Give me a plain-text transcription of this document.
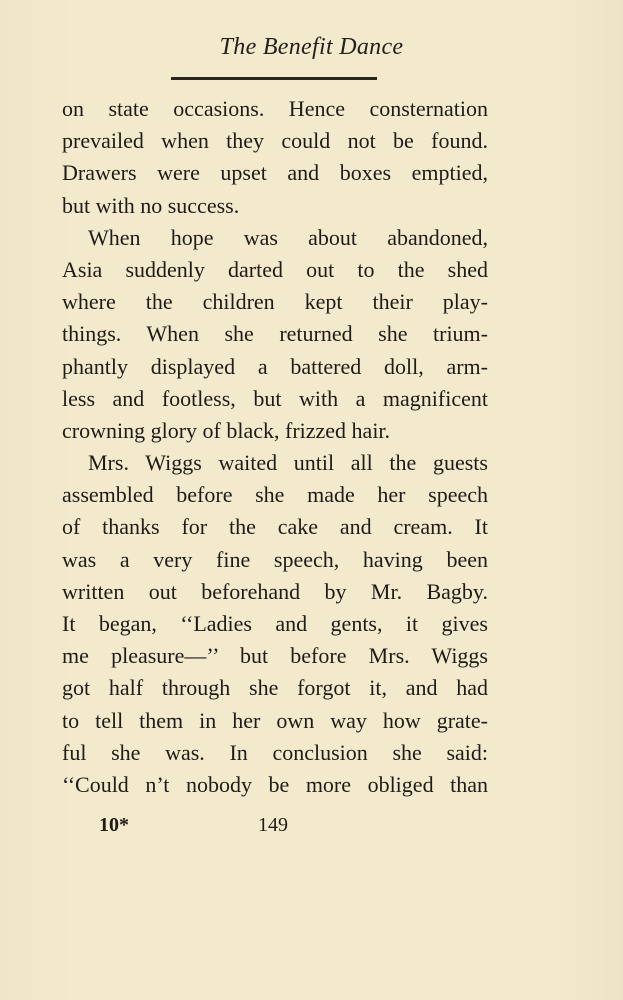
The Benefit Dance
on state occasions. Hence consternation
prevailed when they could not be found.
Drawers were upset and boxes emptied,
but with no success.
When hope was about abandoned,
Asia suddenly darted out to the shed
where the children kept their play-
things. When she returned she trium-
phantly displayed a battered doll, arm-
less and footless, but with a magnificent
crowning glory of black, frizzed hair.
Mrs. Wiggs waited until all the guests
assembled before she made her speech
of thanks for the cake and cream. It
was a very fine speech, having been
written out beforehand by Mr. Bagby.
It began, ‘‘Ladies and gents, it gives
me pleasure—’’ but before Mrs. Wiggs
got half through she forgot it, and had
to tell them in her own way how grate-
ful she was. In conclusion she said:
‘‘Could n’t nobody be more obliged than
10*	149
